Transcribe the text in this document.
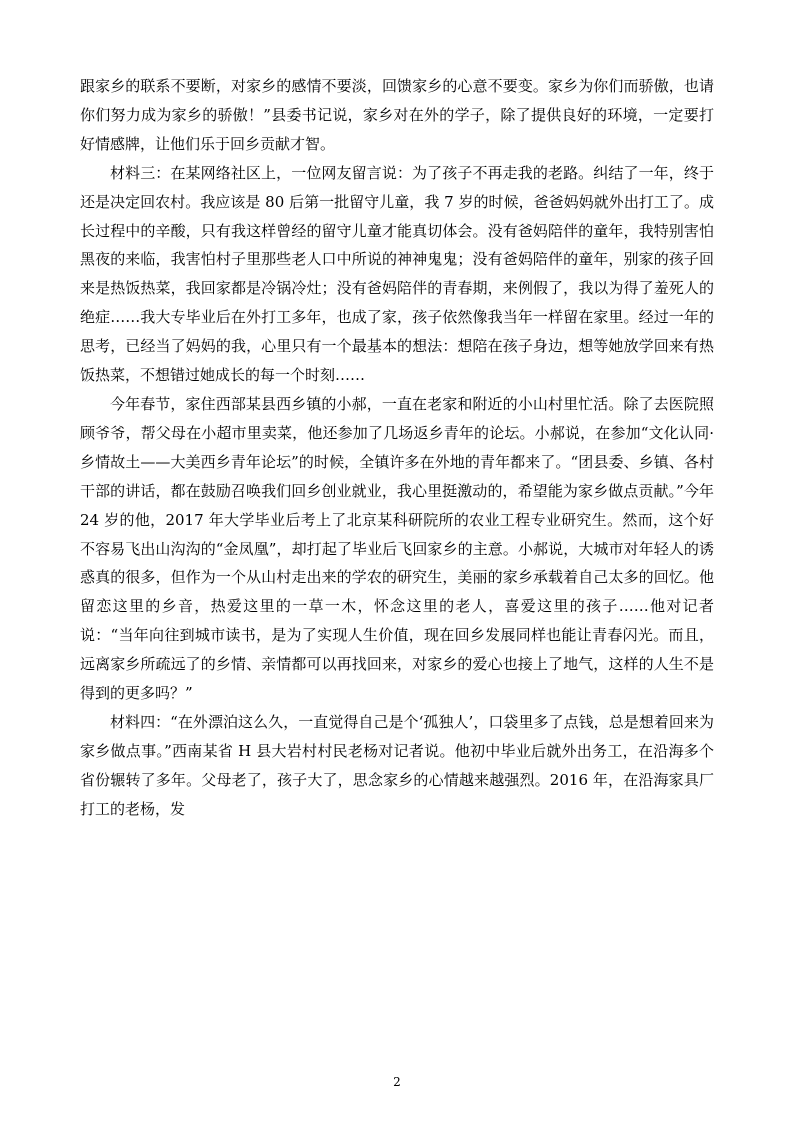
跟家乡的联系不要断，对家乡的感情不要淡，回馈家乡的心意不要变。家乡为你们而骄傲，也请你们努力成为家乡的骄傲！”县委书记说，家乡对在外的学子，除了提供良好的环境，一定要打好情感牌，让他们乐于回乡贡献才智。

材料三：在某网络社区上，一位网友留言说：为了孩子不再走我的老路。纠结了一年，终于还是决定回农村。我应该是 80 后第一批留守儿童，我 7 岁的时候，爸爸妈妈就外出打工了。成长过程中的辛酸，只有我这样曾经的留守儿童才能真切体会。没有爸妈陪伴的童年，我特别害怕黑夜的来临，我害怕村子里那些老人口中所说的神神鬼鬼；没有爸妈陪伴的童年，别家的孩子回来是热饭热菜，我回家都是冷锅冷灶；没有爸妈陪伴的青春期，来例假了，我以为得了羞死人的绝症……我大专毕业后在外打工多年，也成了家，孩子依然像我当年一样留在家里。经过一年的思考，已经当了妈妈的我，心里只有一个最基本的想法：想陪在孩子身边，想等她放学回来有热饭热菜，不想错过她成长的每一个时刻……

今年春节，家住西部某县西乡镇的小郝，一直在老家和附近的小山村里忙活。除了去医院照顾爷爷，帮父母在小超市里卖菜，他还参加了几场返乡青年的论坛。小郝说，在参加“文化认同·乡情故土——大美西乡青年论坛”的时候，全镇许多在外地的青年都来了。“团县委、乡镇、各村干部的讲话，都在鼓励召唤我们回乡创业就业，我心里挺激动的，希望能为家乡做点贡献。”今年 24 岁的他，2017 年大学毕业后考上了北京某科研院所的农业工程专业研究生。然而，这个好不容易飞出山沟沟的“金凤凰”，却打起了毕业后飞回家乡的主意。小郝说，大城市对年轻人的诱惑真的很多，但作为一个从山村走出来的学农的研究生，美丽的家乡承载着自己太多的回忆。他留恋这里的乡音，热爱这里的一草一木，怀念这里的老人，喜爱这里的孩子……他对记者说：“当年向往到城市读书，是为了实现人生价值，现在回乡发展同样也能让青春闪光。而且，远离家乡所疏远了的乡情、亲情都可以再找回来，对家乡的爱心也接上了地气，这样的人生不是得到的更多吗？”

材料四：“在外漂泊这么久，一直觉得自己是个‘孤独人’，口袋里多了点钱，总是想着回来为家乡做点事。”西南某省 H 县大岩村村民老杨对记者说。他初中毕业后就外出务工，在沿海多个省份辗转了多年。父母老了，孩子大了，思念家乡的心情越来越强烈。2016 年，在沿海家具厂打工的老杨，发

2
